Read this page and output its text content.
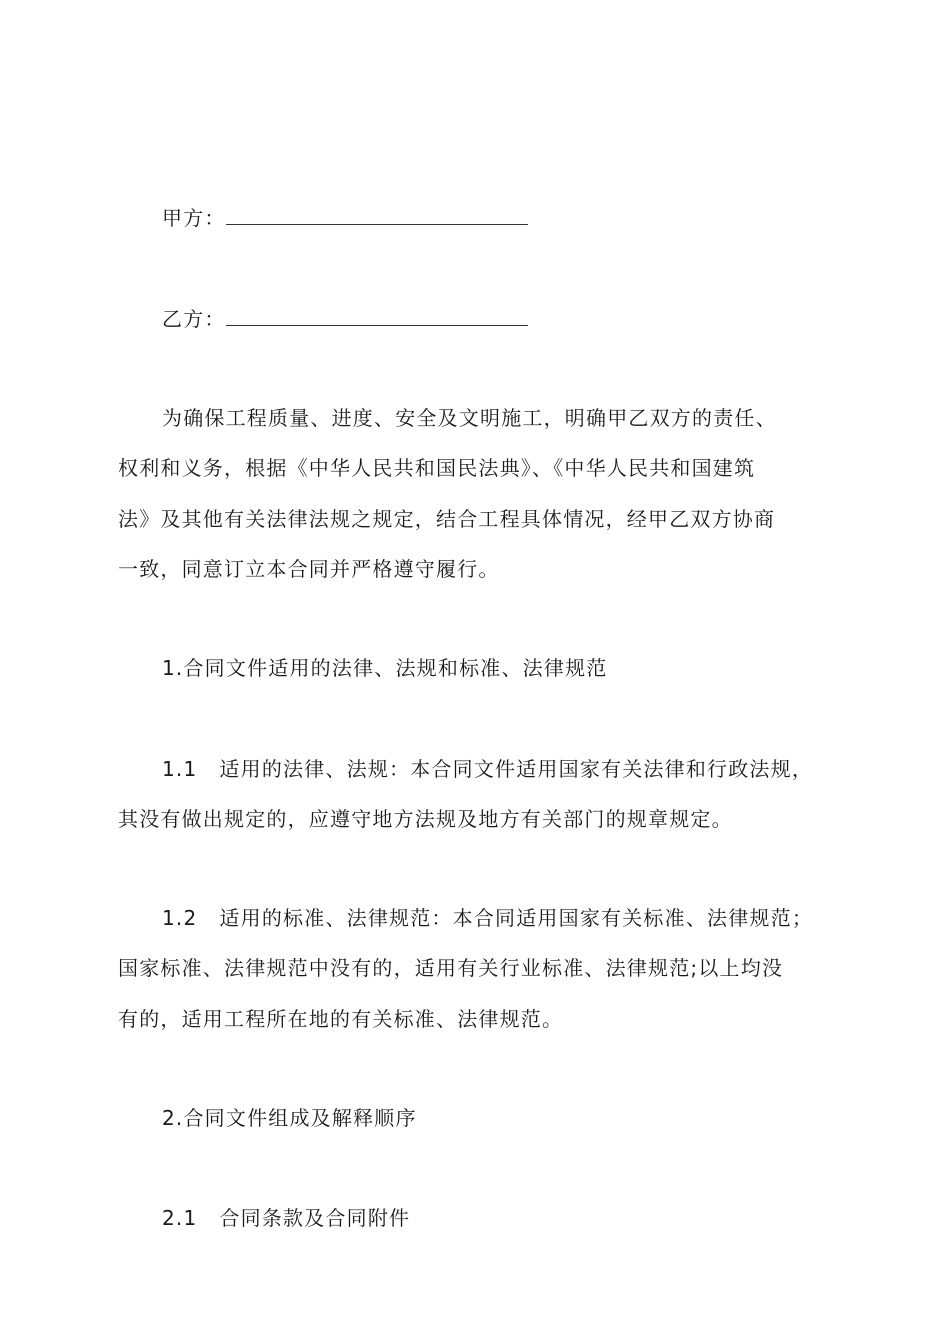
甲方：
乙方：
为确保工程质量、进度、安全及文明施工，明确甲乙双方的责任、
权利和义务，根据《中华人民共和国民法典》、《中华人民共和国建筑
法》及其他有关法律法规之规定，结合工程具体情况，经甲乙双方协商
一致，同意订立本合同并严格遵守履行。
1.合同文件适用的法律、法规和标准、法律规范
1.1 适用的法律、法规：本合同文件适用国家有关法律和行政法规，
其没有做出规定的，应遵守地方法规及地方有关部门的规章规定。
1.2 适用的标准、法律规范：本合同适用国家有关标准、法律规范；
国家标准、法律规范中没有的，适用有关行业标准、法律规范;以上均没
有的，适用工程所在地的有关标准、法律规范。
2.合同文件组成及解释顺序
2.1 合同条款及合同附件
